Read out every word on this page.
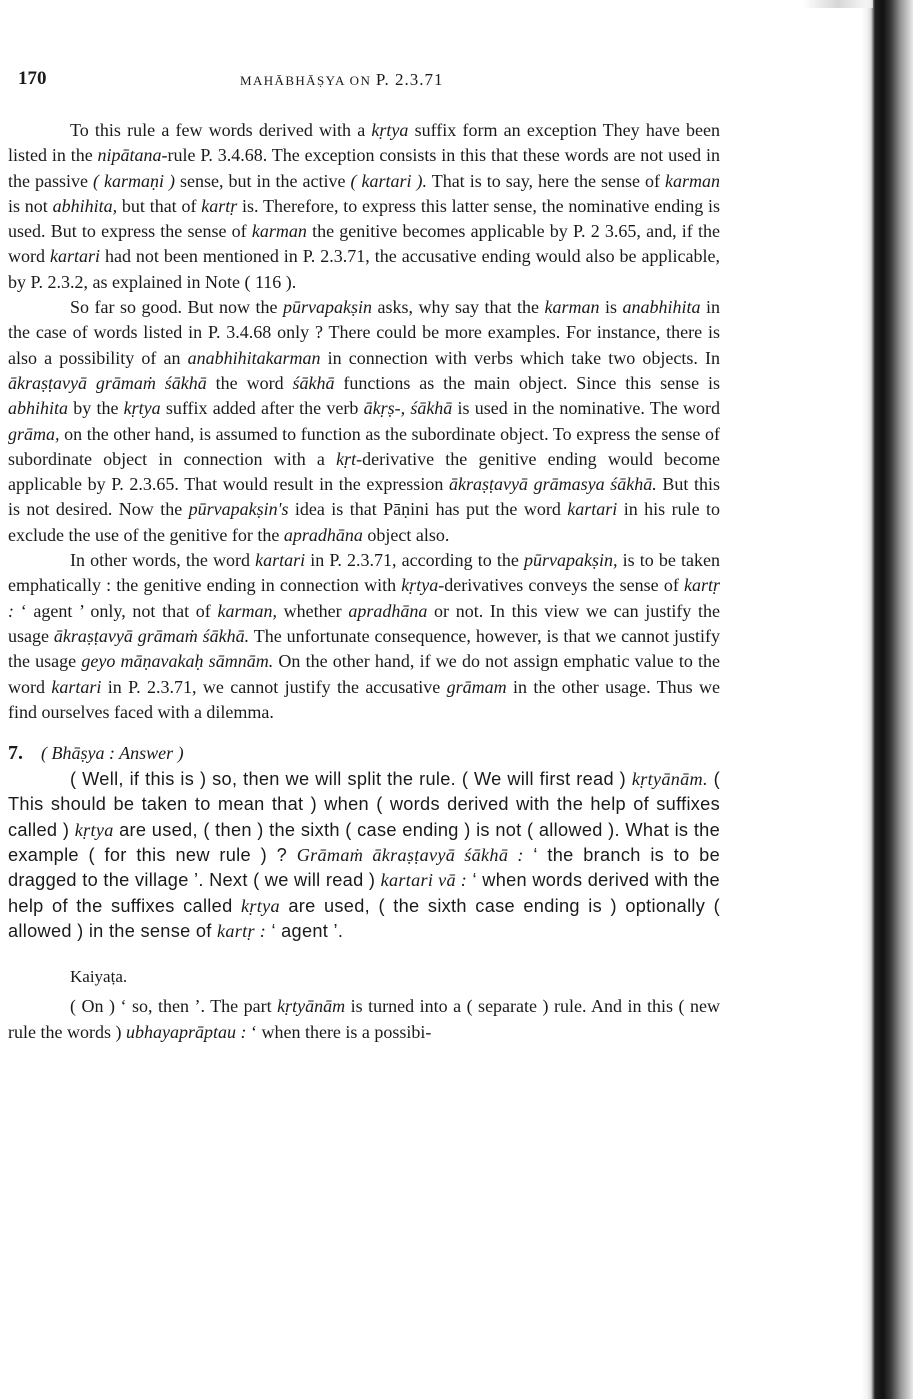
170	MAHĀBHĀṢYA ON P. 2.3.71

To this rule a few words derived with a kṛtya suffix form an exception They have been listed in the nipātana-rule P. 3.4.68. The exception consists in this that these words are not used in the passive ( karmaṇi ) sense, but in the active ( kartari ). That is to say, here the sense of karman is not abhihita, but that of kartṛ is. Therefore, to express this latter sense, the nominative ending is used. But to express the sense of karman the genitive becomes applicable by P. 2 3.65, and, if the word kartari had not been mentioned in P. 2.3.71, the accusative ending would also be applicable, by P. 2.3.2, as explained in Note ( 116 ).

So far so good. But now the pūrvapakṣin asks, why say that the karman is anabhihita in the case of words listed in P. 3.4.68 only ? There could be more examples. For instance, there is also a possibility of an anabhihitakarman in connection with verbs which take two objects. In ākraṣṭavyā grāmaṁ śākhā the word śākhā functions as the main object. Since this sense is abhihita by the kṛtya suffix added after the verb ākṛṣ-, śākhā is used in the nominative. The word grāma, on the other hand, is assumed to function as the subordinate object. To express the sense of subordinate object in connection with a kṛt-derivative the genitive ending would become applicable by P. 2.3.65. That would result in the expression ākraṣṭavyā grāmasya śākhā. But this is not desired. Now the pūrvapakṣin's idea is that Pāṇini has put the word kartari in his rule to exclude the use of the genitive for the apradhāna object also.

In other words, the word kartari in P. 2.3.71, according to the pūrvapakṣin, is to be taken emphatically : the genitive ending in connection with kṛtya-derivatives conveys the sense of kartṛ : ‘ agent ’ only, not that of karman, whether apradhāna or not. In this view we can justify the usage ākraṣṭavyā grāmaṁ śākhā. The unfortunate consequence, however, is that we cannot justify the usage geyo māṇavakaḥ sāmnām. On the other hand, if we do not assign emphatic value to the word kartari in P. 2.3.71, we cannot justify the accusative grāmam in the other usage. Thus we find ourselves faced with a dilemma.

7. ( Bhāṣya : Answer )

( Well, if this is ) so, then we will split the rule. ( We will first read ) kṛtyānām. ( This should be taken to mean that ) when ( words derived with the help of suffixes called ) kṛtya are used, ( then ) the sixth ( case ending ) is not ( allowed ). What is the example ( for this new rule ) ? Grāmaṁ ākraṣṭavyā śākhā : ‘ the branch is to be dragged to the village ’. Next ( we will read ) kartari vā : ‘ when words derived with the help of the suffixes called kṛtya are used, ( the sixth case ending is ) optionally ( allowed ) in the sense of kartṛ : ‘ agent ’.

Kaiyaṭa.

( On ) ‘ so, then ’. The part kṛtyānām is turned into a ( separate ) rule. And in this ( new rule the words ) ubhayaprāptau : ‘ when there is a possibi-
